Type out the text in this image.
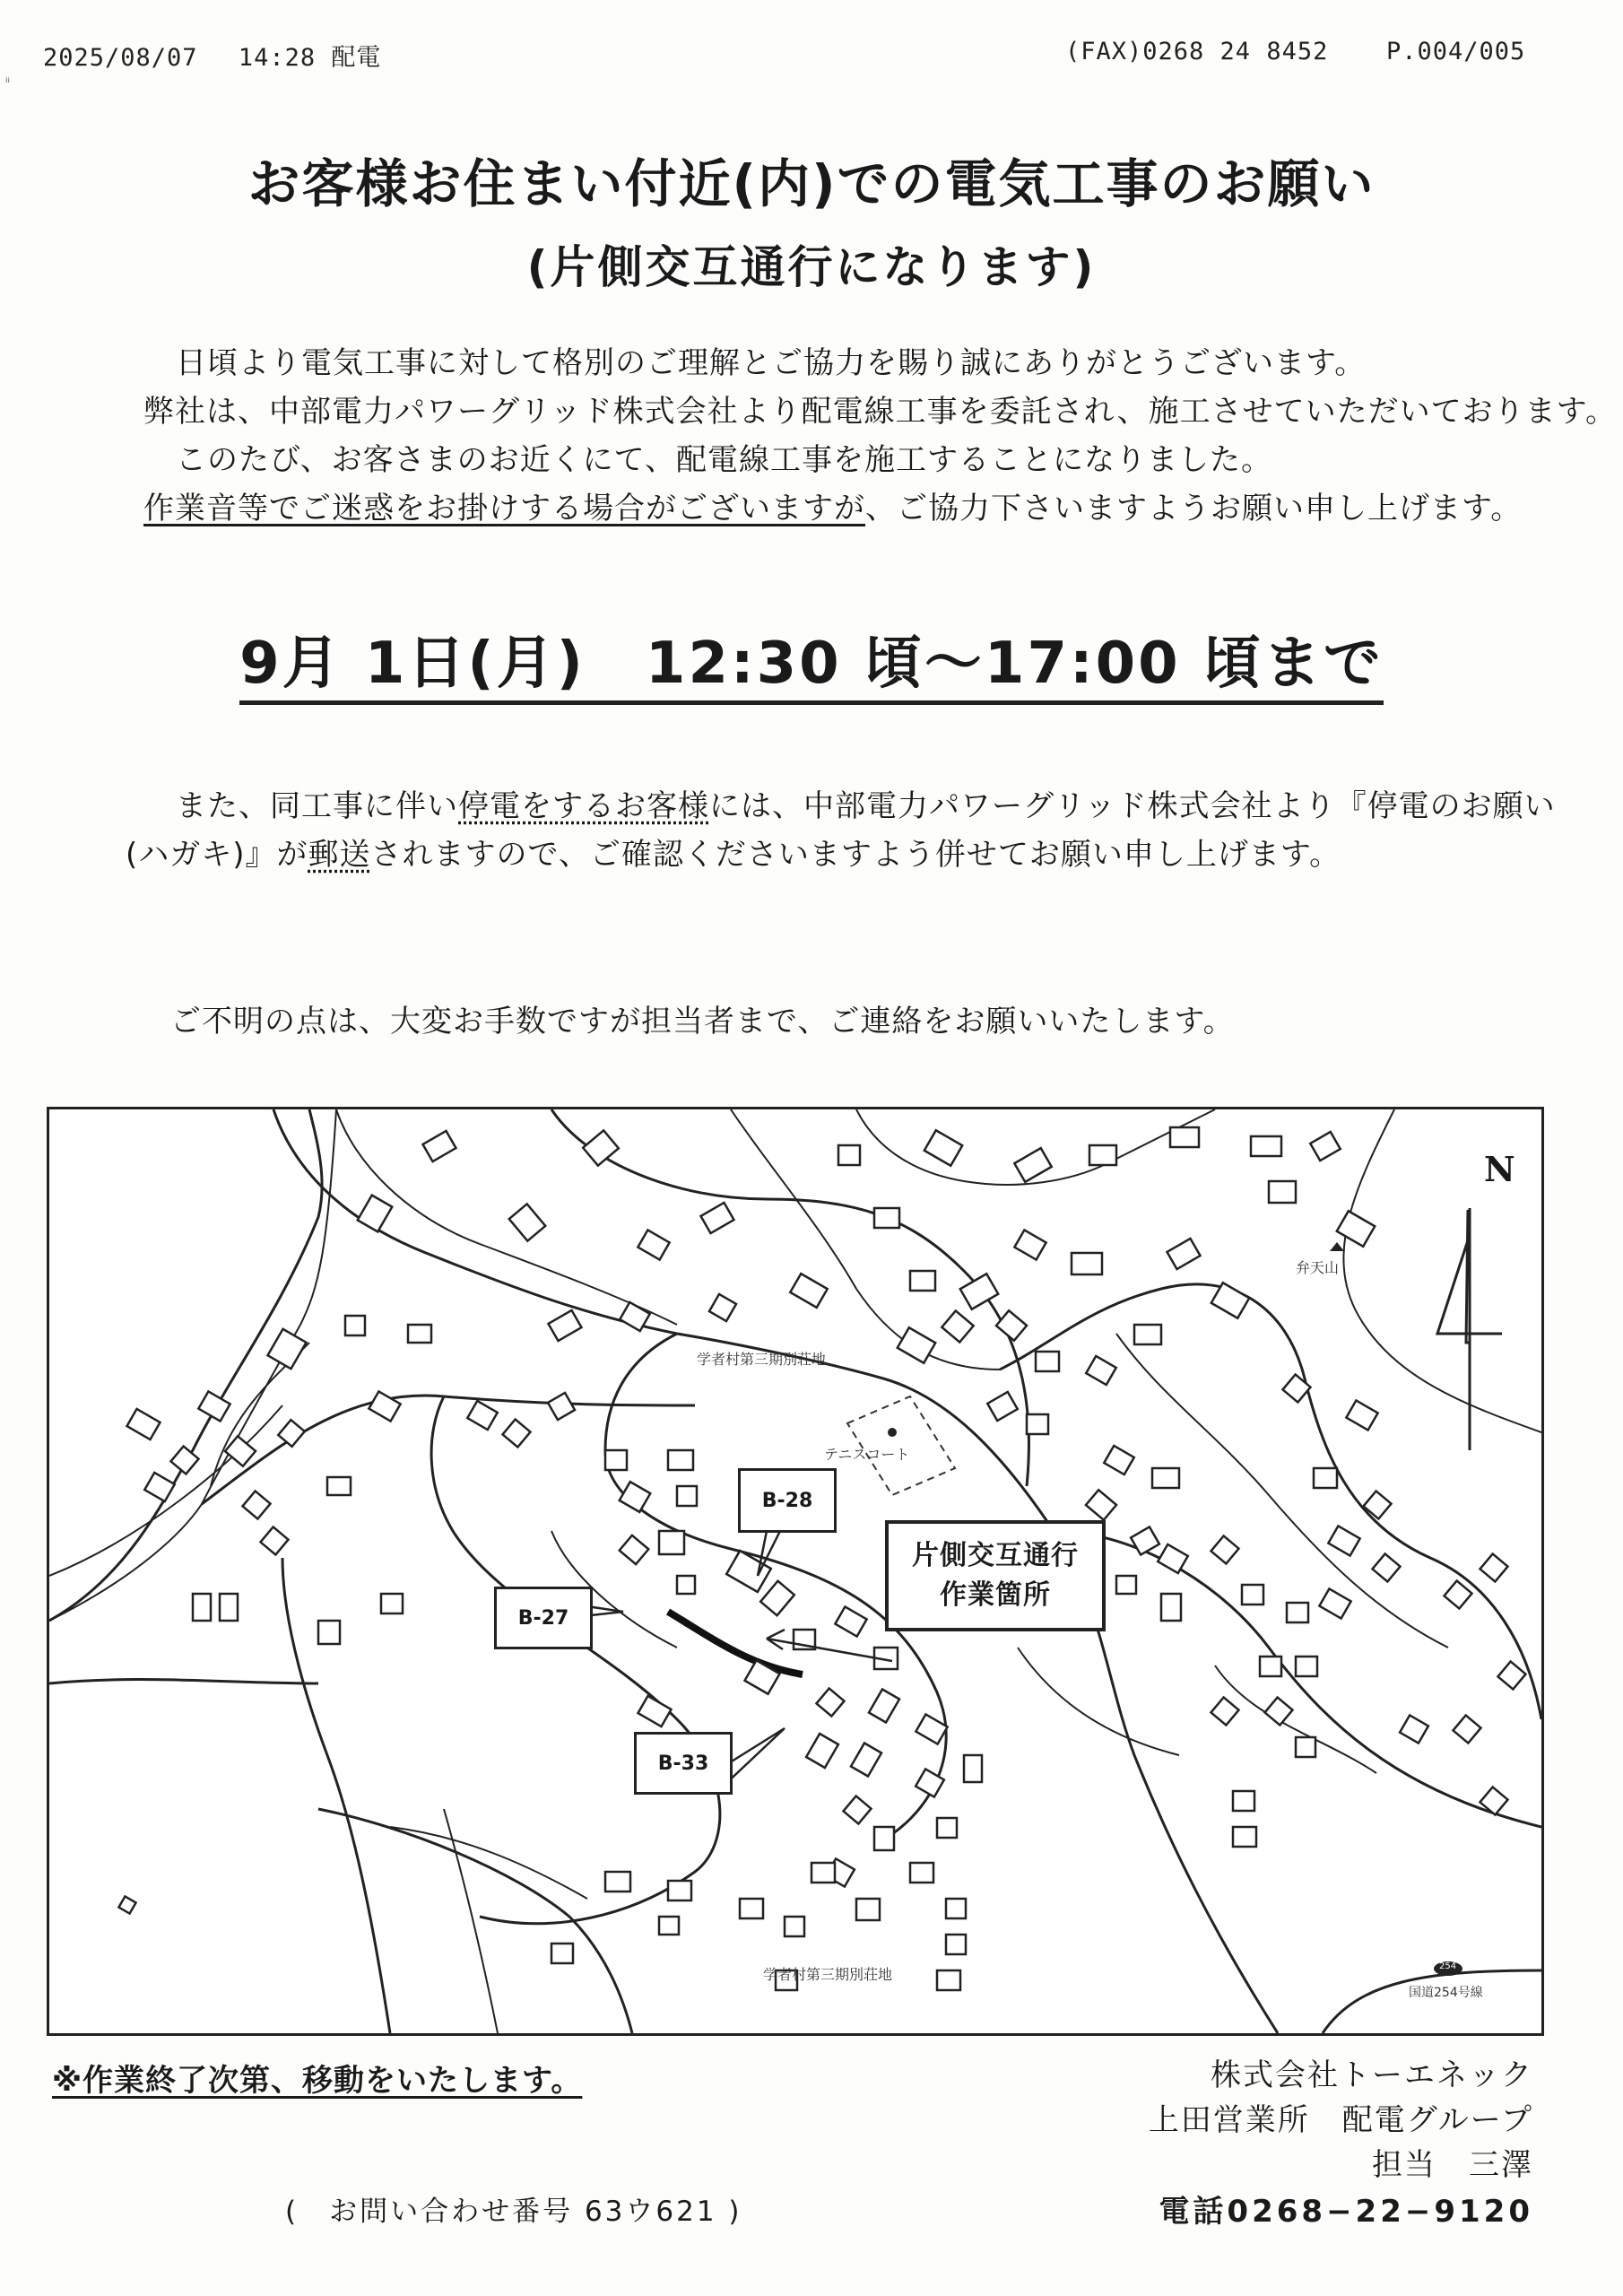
2025/08/07　 14:28 配電	(FAX)0268 24 8452 P.004/005
ᵢᵢ
お客様お住まい付近(内)での電気工事のお願い
(片側交互通行になります)
日頃より電気工事に対して格別のご理解とご協力を賜り誠にありがとうございます。
弊社は、中部電力パワーグリッド株式会社より配電線工事を委託され、施工させていただいております。
このたび、お客さまのお近くにて、配電線工事を施工することになりました。
作業音等でご迷惑をお掛けする場合がございますが、ご協力下さいますようお願い申し上げます。
9月 1日(月)　12:30 頃～17:00 頃まで
また、同工事に伴い停電をするお客様には、中部電力パワーグリッド株式会社より『停電のお願い
(ハガキ)』が郵送されますので、ご確認くださいますよう併せてお願い申し上げます。
ご不明の点は、大変お手数ですが担当者まで、ご連絡をお願いいたします。
B-28
B-27
B-33
片側交互通行
作業箇所
N
学者村第三期別荘地
学者村第三期別荘地
テニスコート
弁天山
国道254号線
254
※作業終了次第、移動をいたします。	株式会社トーエネック
上田営業所　配電グループ
担当　三澤
(　お問い合わせ番号 63ウ621 )	電話0268−22−9120
